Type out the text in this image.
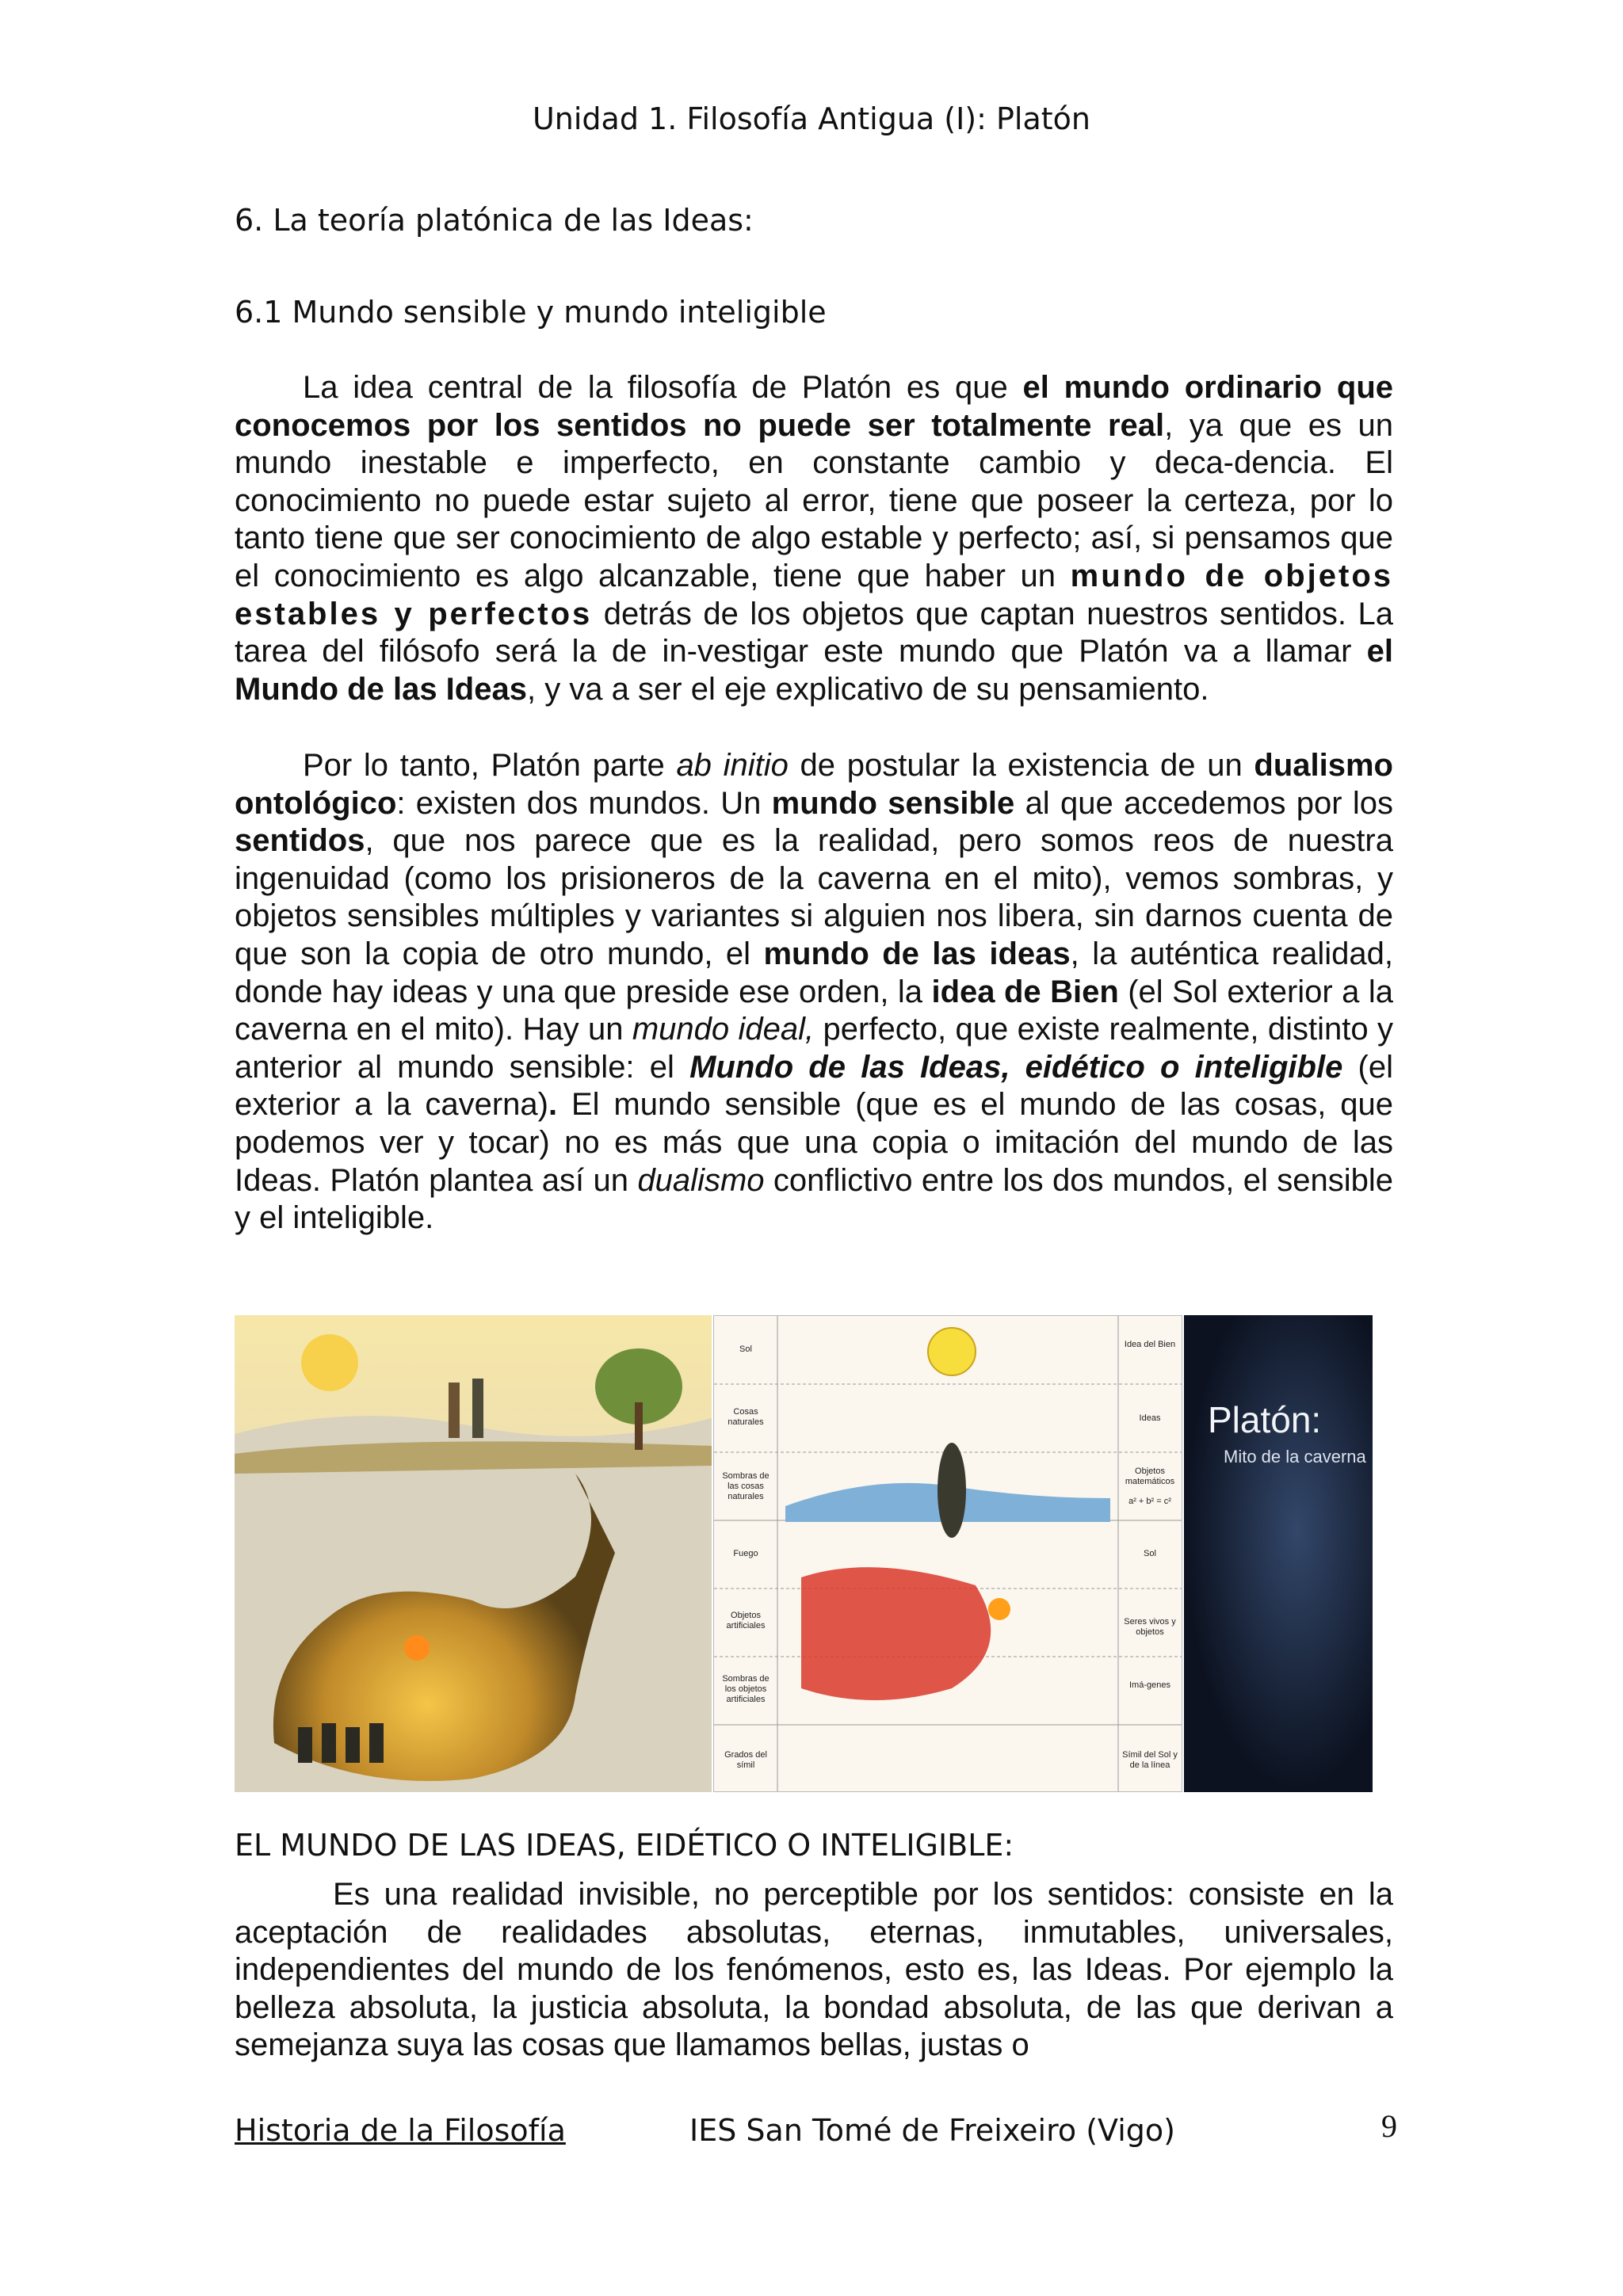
Unidad 1. Filosofía Antigua (I): Platón
6. La teoría platónica de las Ideas:
6.1 Mundo sensible y mundo inteligible

La idea central de la filosofía de Platón es que el mundo ordinario que conocemos por los sentidos no puede ser totalmente real, ya que es un mundo inestable e imperfecto, en constante cambio y deca-dencia. El conocimiento no puede estar sujeto al error, tiene que poseer la certeza, por lo tanto tiene que ser conocimiento de algo estable y perfecto; así, si pensamos que el conocimiento es algo alcanzable, tiene que haber un mundo de objetos estables y perfectos detrás de los objetos que captan nuestros sentidos. La tarea del filósofo será la de in-vestigar este mundo que Platón va a llamar el Mundo de las Ideas, y va a ser el eje explicativo de su pensamiento.

Por lo tanto, Platón parte ab initio de postular la existencia de un dualismo ontológico: existen dos mundos. Un mundo sensible al que accedemos por los sentidos, que nos parece que es la realidad, pero somos reos de nuestra ingenuidad (como los prisioneros de la caverna en el mito), vemos sombras, y objetos sensibles múltiples y variantes si alguien nos libera, sin darnos cuenta de que son la copia de otro mundo, el mundo de las ideas, la auténtica realidad, donde hay ideas y una que preside ese orden, la idea de Bien (el Sol exterior a la caverna en el mito). Hay un mundo ideal, perfecto, que existe realmente, distinto y anterior al mundo sensible: el Mundo de las Ideas, eidético o inteligible (el exterior a la caverna). El mundo sensible (que es el mundo de las cosas, que podemos ver y tocar) no es más que una copia o imitación del mundo de las Ideas. Platón plantea así un dualismo conflictivo entre los dos mundos, el sensible y el inteligible.

Sol
Cosas naturales
Sombras de las cosas naturales
Fuego
Objetos artificiales
Sombras de los objetos artificiales
Grados del símil
Idea del Bien
Ideas
Objetos matemáticos
a² + b² = c²
Sol
Seres vivos y objetos
Imá-genes
Símil del Sol y de la línea
Platón:
Mito de la caverna
EL MUNDO DE LAS IDEAS, EIDÉTICO O INTELIGIBLE:

Es una realidad invisible, no perceptible por los sentidos: consiste en la aceptación de realidades absolutas, eternas, inmutables, universales, independientes del mundo de los fenómenos, esto es, las Ideas. Por ejemplo la belleza absoluta, la justicia absoluta, la bondad absoluta, de las que derivan a semejanza suya las cosas que llamamos bellas, justas o

Historia de la Filosofía	IES San Tomé de Freixeiro (Vigo)	9
